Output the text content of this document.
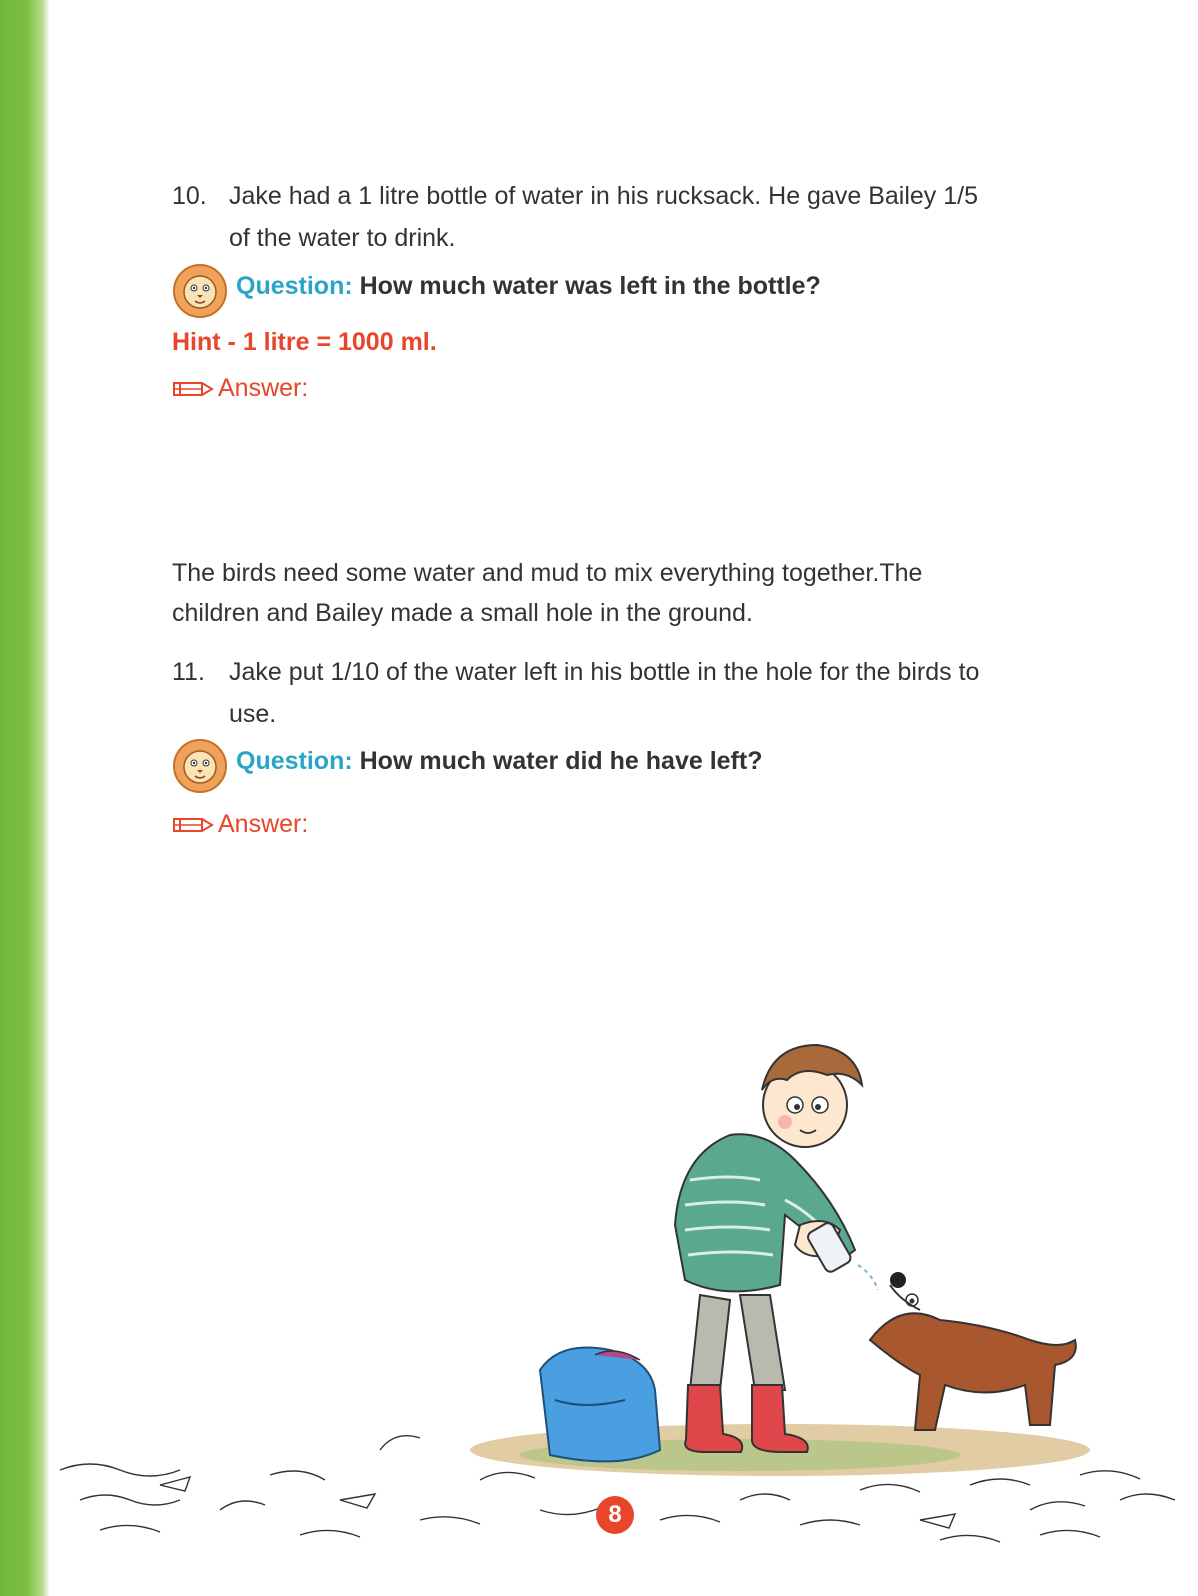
10. Jake had a 1 litre bottle of water in his rucksack. He gave Bailey 1/5
of the water to drink.
Question: How much water was left in the bottle?
Hint - 1 litre = 1000 ml.
Answer:
The birds need some water and mud to mix everything together.The
children and Bailey made a small hole in the ground.
11. Jake put 1/10 of the water left in his bottle in the hole for the birds to
use.
Question: How much water did he have left?
Answer:
8
